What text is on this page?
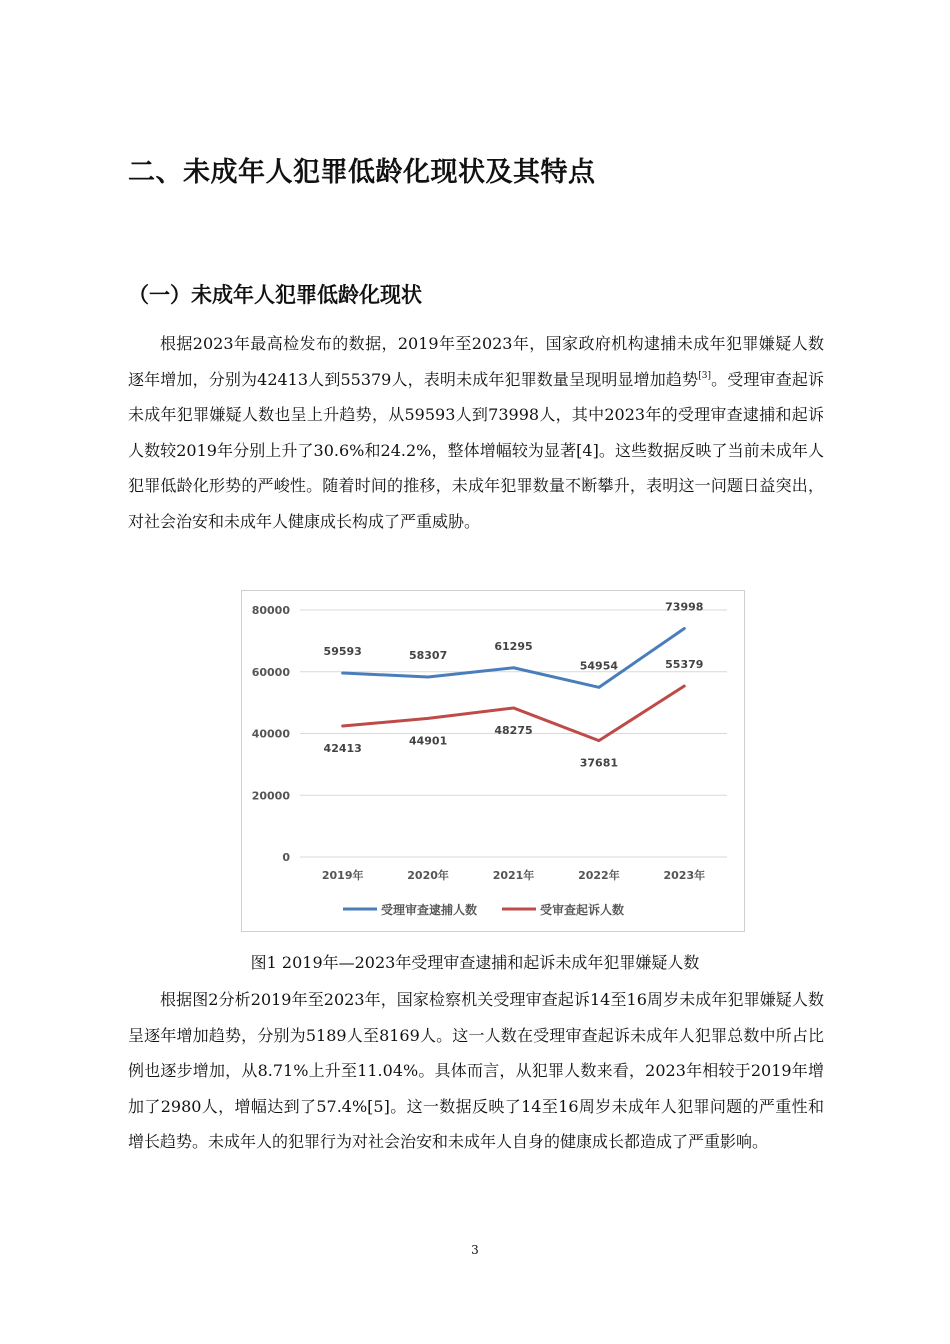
二、未成年人犯罪低龄化现状及其特点
（一）未成年人犯罪低龄化现状

根据2023年最高检发布的数据，2019年至2023年，国家政府机构逮捕未成年犯罪嫌疑人数逐年增加，分别为42413人到55379人，表明未成年犯罪数量呈现明显增加趋势[3]。受理审查起诉未成年犯罪嫌疑人数也呈上升趋势，从59593人到73998人，其中2023年的受理审查逮捕和起诉人数较2019年分别上升了30.6%和24.2%，整体增幅较为显著[4]。这些数据反映了当前未成年人犯罪低龄化形势的严峻性。随着时间的推移，未成年犯罪数量不断攀升，表明这一问题日益突出，对社会治安和未成年人健康成长构成了严重威胁。

80000
60000
40000
20000
0
2019年	2020年	2021年	2022年	2023年
59593	58307
61295
54954
73998
42413
44901
48275
37681
55379
受理审查逮捕人数	受审查起诉人数

图1 2019年—2023年受理审查逮捕和起诉未成年犯罪嫌疑人数

根据图2分析2019年至2023年，国家检察机关受理审查起诉14至16周岁未成年犯罪嫌疑人数呈逐年增加趋势，分别为5189人至8169人。这一人数在受理审查起诉未成年人犯罪总数中所占比例也逐步增加，从8.71%上升至11.04%。具体而言，从犯罪人数来看，2023年相较于2019年增加了2980人，增幅达到了57.4%[5]。这一数据反映了14至16周岁未成年人犯罪问题的严重性和增长趋势。未成年人的犯罪行为对社会治安和未成年人自身的健康成长都造成了严重影响。

3
